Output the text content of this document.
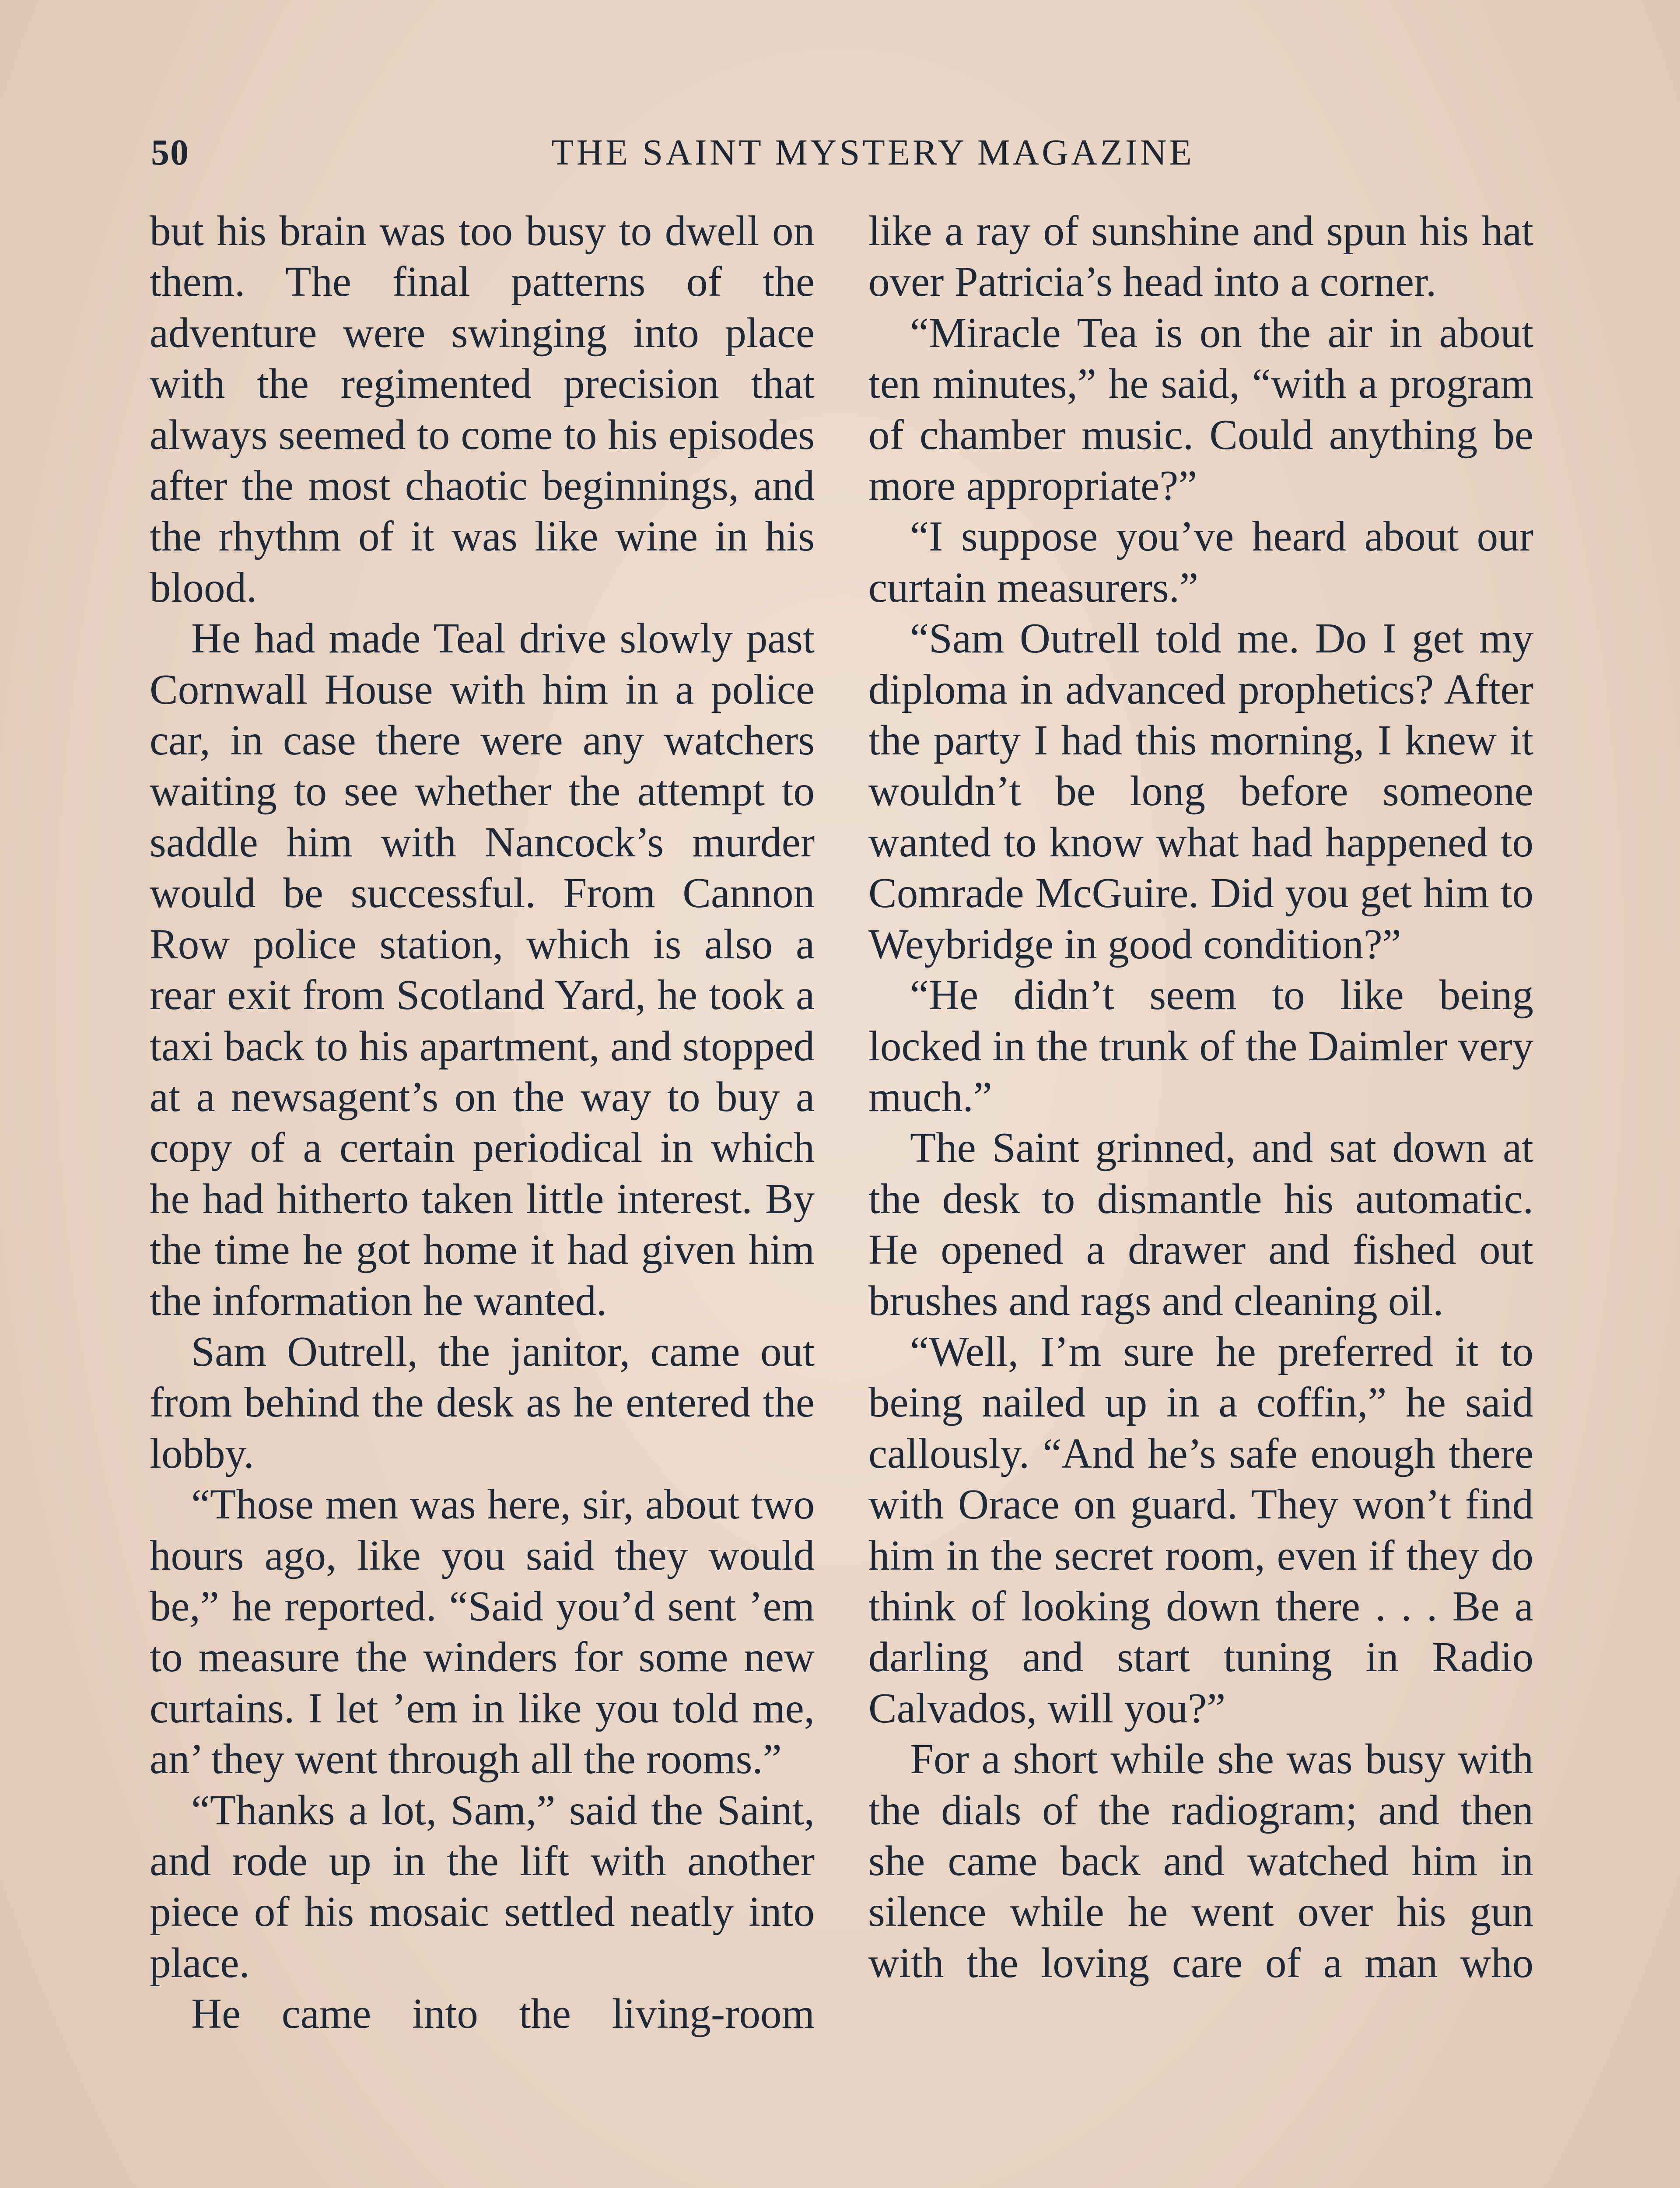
50	THE SAINT MYSTERY MAGAZINE

but his brain was too busy to dwell on them. The final patterns of the adventure were swinging into place with the regimented precision that always seemed to come to his episodes after the most chaotic beginnings, and the rhythm of it was like wine in his blood.

He had made Teal drive slowly past Cornwall House with him in a police car, in case there were any watchers waiting to see whether the attempt to saddle him with Nancock’s murder would be successful. From Cannon Row police station, which is also a rear exit from Scotland Yard, he took a taxi back to his apartment, and stopped at a newsagent’s on the way to buy a copy of a certain periodical in which he had hitherto taken little interest. By the time he got home it had given him the information he wanted.

Sam Outrell, the janitor, came out from behind the desk as he entered the lobby.

“Those men was here, sir, about two hours ago, like you said they would be,” he reported. “Said you’d sent ’em to measure the winders for some new curtains. I let ’em in like you told me, an’ they went through all the rooms.”

“Thanks a lot, Sam,” said the Saint, and rode up in the lift with another piece of his mosaic settled neatly into place.

He came into the living-room

like a ray of sunshine and spun his hat over Patricia’s head into a corner.

“Miracle Tea is on the air in about ten minutes,” he said, “with a program of chamber music. Could anything be more appropriate?”

“I suppose you’ve heard about our curtain measurers.”

“Sam Outrell told me. Do I get my diploma in advanced prophetics? After the party I had this morning, I knew it wouldn’t be long before someone wanted to know what had happened to Comrade McGuire. Did you get him to Weybridge in good condition?”

“He didn’t seem to like being locked in the trunk of the Daimler very much.”

The Saint grinned, and sat down at the desk to dismantle his automatic. He opened a drawer and fished out brushes and rags and cleaning oil.

“Well, I’m sure he preferred it to being nailed up in a coffin,” he said callously. “And he’s safe enough there with Orace on guard. They won’t find him in the secret room, even if they do think of looking down there . . . Be a darling and start tuning in Radio Calvados, will you?”

For a short while she was busy with the dials of the radiogram; and then she came back and watched him in silence while he went over his gun with the loving care of a man who
